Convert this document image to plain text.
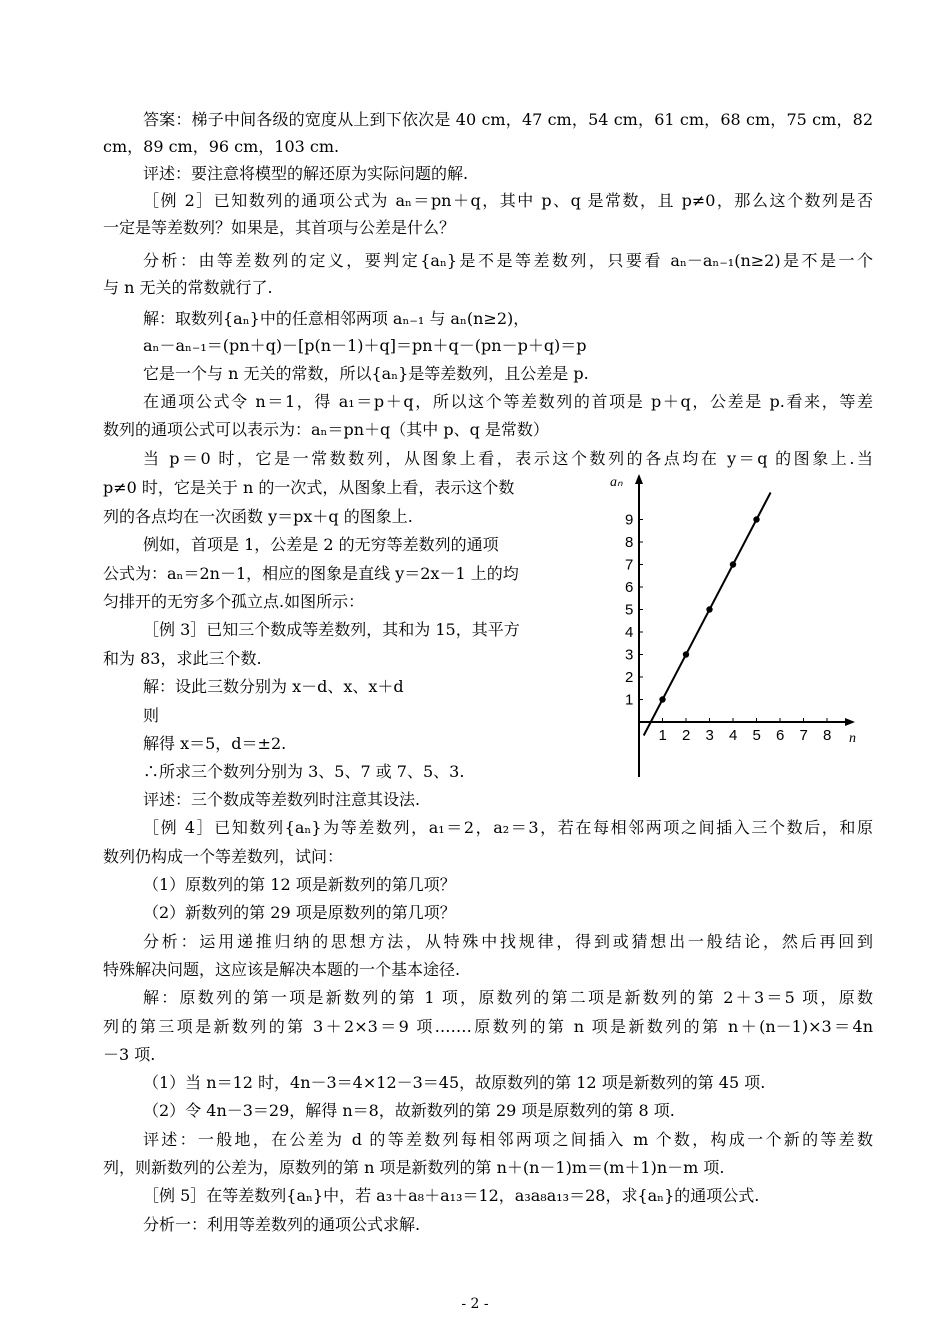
答案：梯子中间各级的宽度从上到下依次是 40 cm，47 cm，54 cm，61 cm，68 cm，75 cm，82
cm，89 cm，96 cm，103 cm.
评述：要注意将模型的解还原为实际问题的解.
［例 2］已知数列的通项公式为 aₙ＝pn＋q，其中 p、q 是常数，且 p≠0，那么这个数列是否
一定是等差数列？如果是，其首项与公差是什么？
分析：由等差数列的定义，要判定{aₙ}是不是等差数列，只要看 aₙ－aₙ₋₁(n≥2)是不是一个
与 n 无关的常数就行了.
解：取数列{aₙ}中的任意相邻两项 aₙ₋₁ 与 aₙ(n≥2)，
aₙ－aₙ₋₁＝(pn＋q)－[p(n－1)＋q]＝pn＋q－(pn－p＋q)＝p
它是一个与 n 无关的常数，所以{aₙ}是等差数列，且公差是 p.
在通项公式令 n＝1，得 a₁＝p＋q，所以这个等差数列的首项是 p＋q，公差是 p.看来，等差
数列的通项公式可以表示为：aₙ＝pn＋q（其中 p、q 是常数）
当 p＝0 时，它是一常数数列，从图象上看，表示这个数列的各点均在 y＝q 的图象上.当
p≠0 时，它是关于 n 的一次式，从图象上看，表示这个数
列的各点均在一次函数 y＝px＋q 的图象上.
例如，首项是 1，公差是 2 的无穷等差数列的通项
公式为：aₙ＝2n－1，相应的图象是直线 y＝2x－1 上的均
匀排开的无穷多个孤立点.如图所示：
［例 3］已知三个数成等差数列，其和为 15，其平方
和为 83，求此三个数.
解：设此三数分别为 x－d、x、x＋d
则
解得 x＝5，d＝±2.
∴所求三个数列分别为 3、5、7 或 7、5、3.
评述：三个数成等差数列时注意其设法.
［例 4］已知数列{aₙ}为等差数列，a₁＝2，a₂＝3，若在每相邻两项之间插入三个数后，和原
数列仍构成一个等差数列，试问：
（1）原数列的第 12 项是新数列的第几项？
（2）新数列的第 29 项是原数列的第几项？
分析：运用递推归纳的思想方法，从特殊中找规律，得到或猜想出一般结论，然后再回到
特殊解决问题，这应该是解决本题的一个基本途径.
解：原数列的第一项是新数列的第 1 项，原数列的第二项是新数列的第 2＋3＝5 项，原数
列的第三项是新数列的第 3＋2×3＝9 项.……原数列的第 n 项是新数列的第 n＋(n－1)×3＝4n
－3 项.
（1）当 n＝12 时，4n－3＝4×12－3＝45，故原数列的第 12 项是新数列的第 45 项.
（2）令 4n－3＝29，解得 n＝8，故新数列的第 29 项是原数列的第 8 项.
评述：一般地，在公差为 d 的等差数列每相邻两项之间插入 m 个数，构成一个新的等差数
列，则新数列的公差为，原数列的第 n 项是新数列的第 n＋(n－1)m＝(m＋1)n－m 项.
［例 5］在等差数列{aₙ}中，若 a₃＋a₈＋a₁₃＝12，a₃a₈a₁₃＝28，求{aₙ}的通项公式.
分析一：利用等差数列的通项公式求解.
aₙ
n
1 2 3 4 5 6 7 8
1
2
3
4
5
6
7
8
9
- 2 -
